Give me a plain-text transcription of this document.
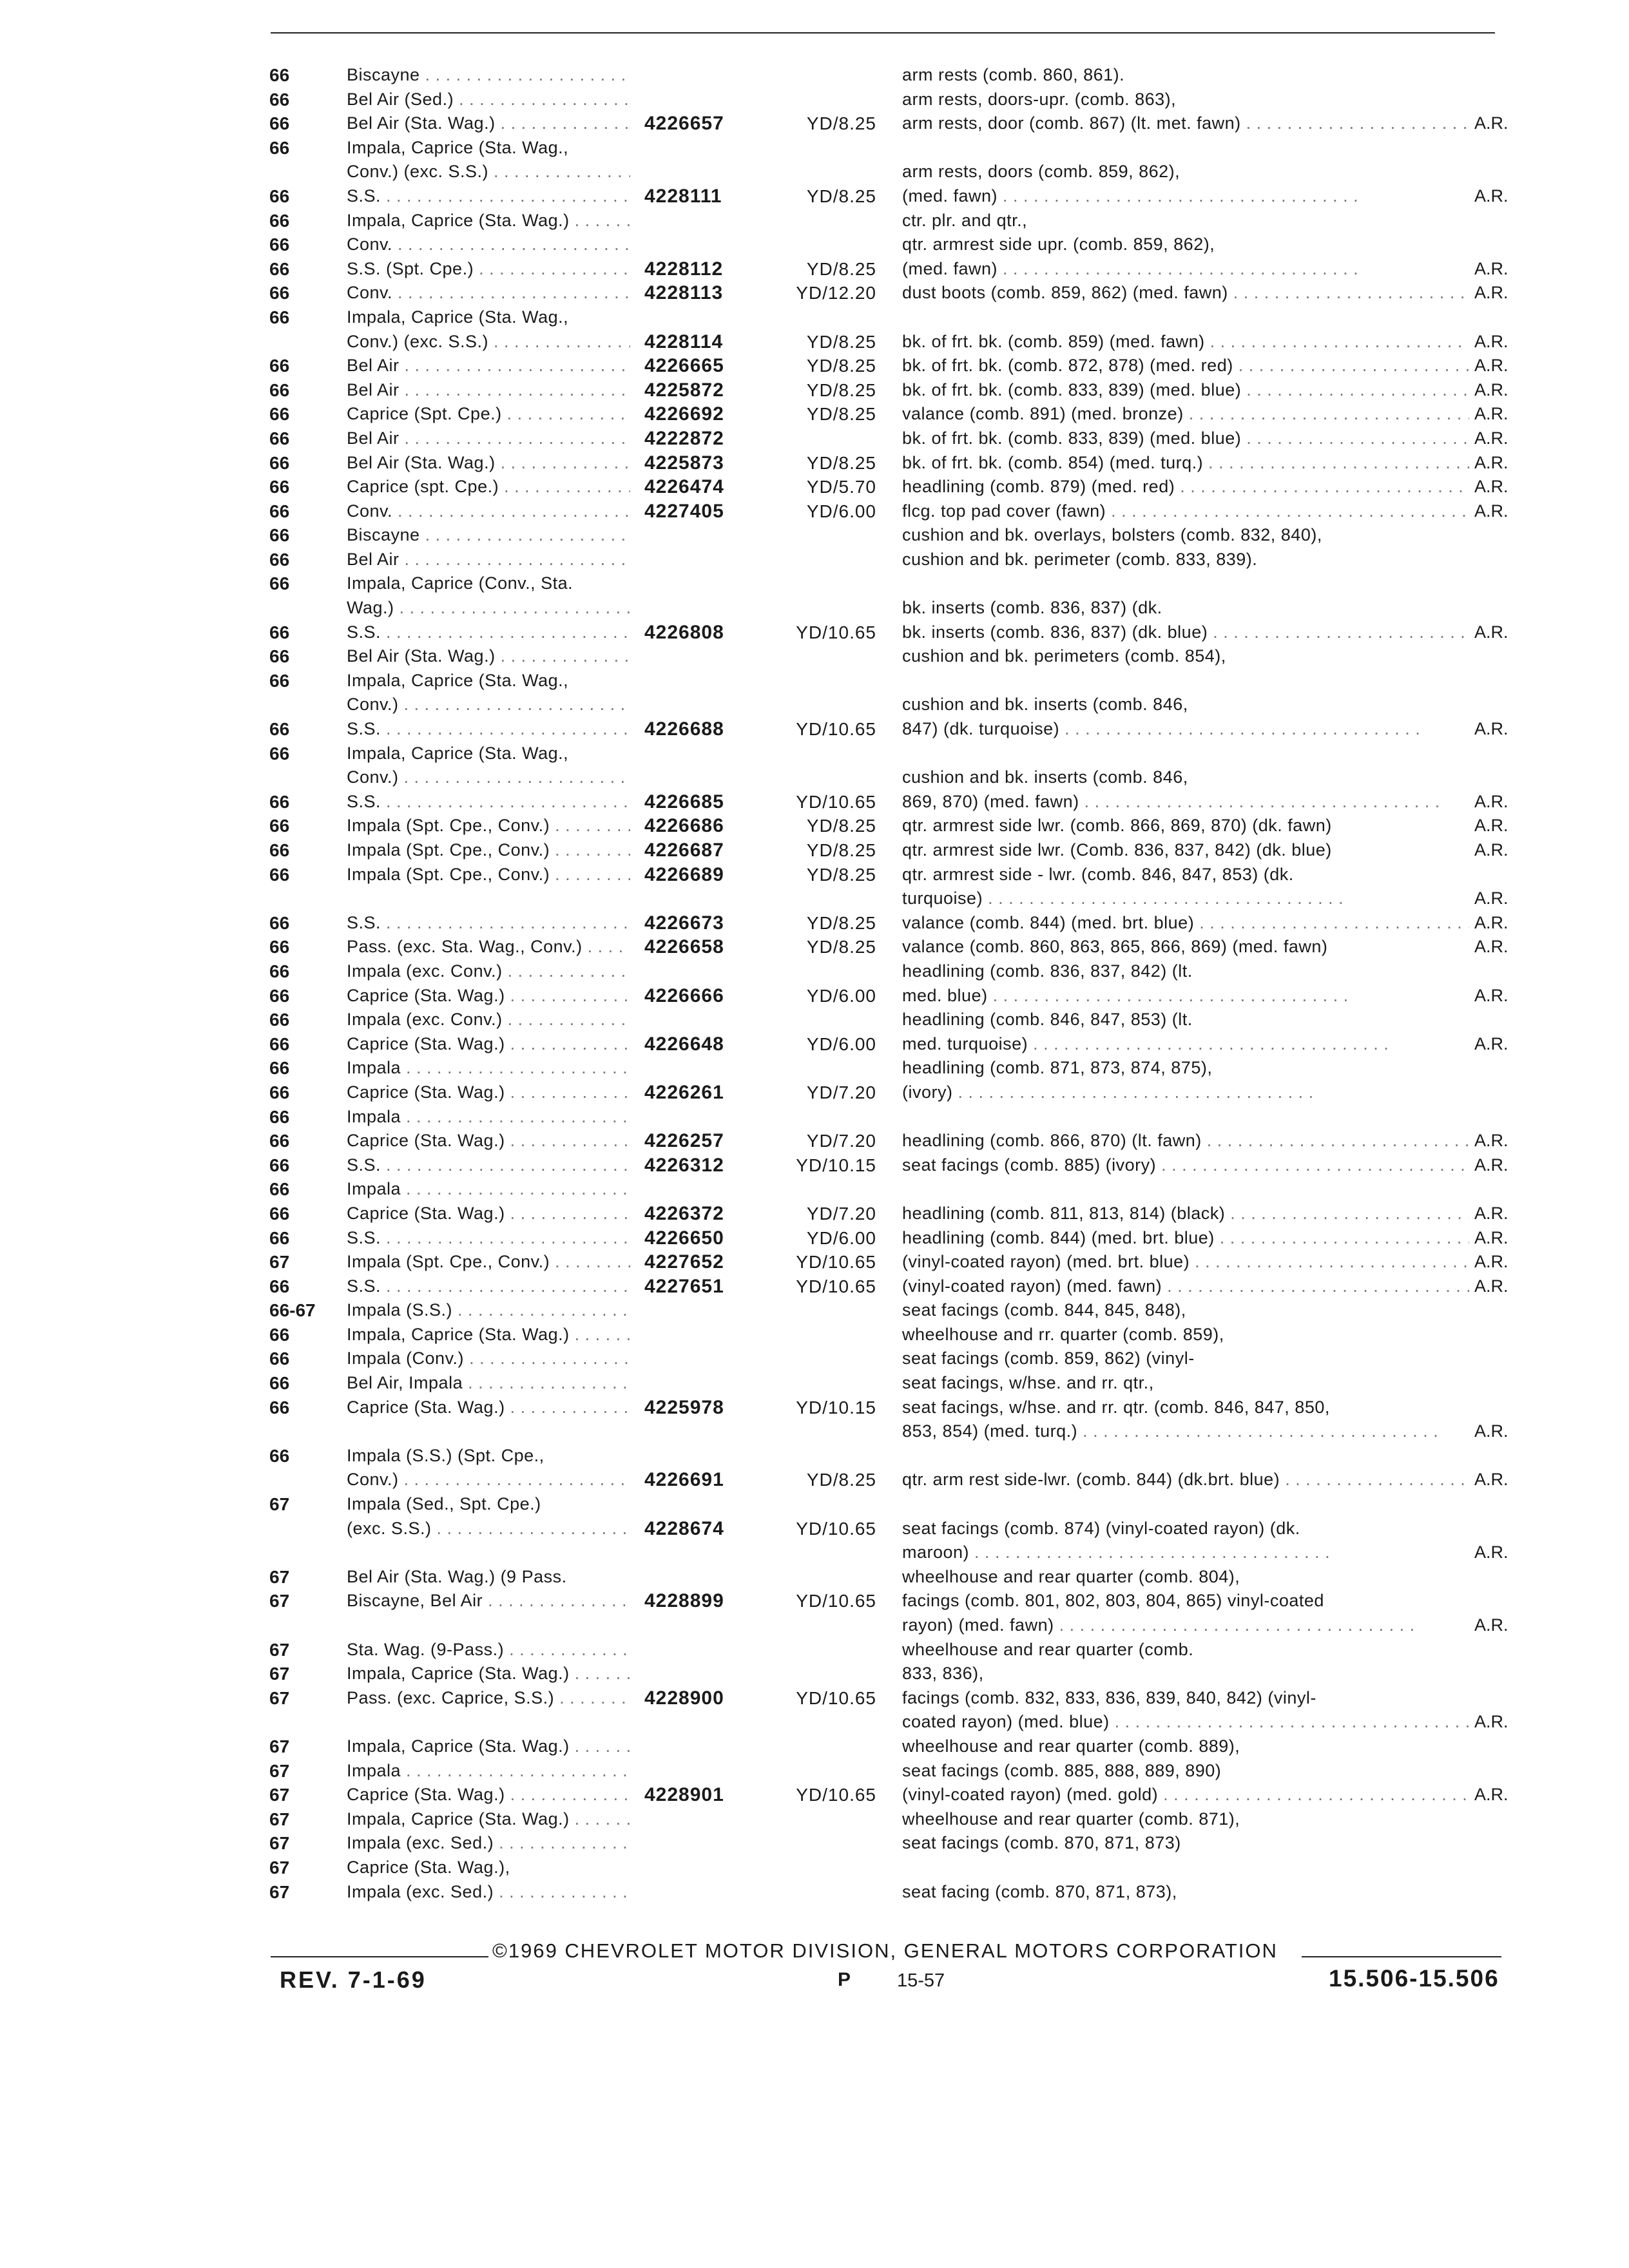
66	Biscayne . . .	arm rests (comb. 860, 861).
66	Bel Air (Sed.) . . .	arm rests, doors-upr. (comb. 863),
66	Bel Air (Sta. Wag.) . . .	4226657	YD/8.25 arm rests, door (comb. 867) (lt. met. fawn) . . .	A.R.
66	Impala, Caprice (Sta. Wag.,
Conv.) (exc. S.S.) . . .	arm rests, doors (comb. 859, 862),
66	S.S. . . .	4228111	YD/8.25 (med. fawn) . . .	A.R.
66	Impala, Caprice (Sta. Wag.) . . .	ctr. plr. and qtr.,
66	Conv. . . .	qtr. armrest side upr. (comb. 859, 862),
66	S.S. (Spt. Cpe.) . . .	4228112	YD/8.25 (med. fawn) . . .	A.R.
66	Conv. . . .	4228113	YD/12.20 dust boots (comb. 859, 862) (med. fawn) . . .	A.R.
66	Impala, Caprice (Sta. Wag.,
Conv.) (exc. S.S.) . . .	4228114	YD/8.25 bk. of frt. bk. (comb. 859) (med. fawn) . . .	A.R.
66	Bel Air . . .	4226665	YD/8.25 bk. of frt. bk. (comb. 872, 878) (med. red) . . .	A.R.
66	Bel Air . . .	4225872	YD/8.25 bk. of frt. bk. (comb. 833, 839) (med. blue) . . .	A.R.
66	Caprice (Spt. Cpe.) . . .	4226692	YD/8.25 valance (comb. 891) (med. bronze) . . .	A.R.
66	Bel Air . . .	4222872	bk. of frt. bk. (comb. 833, 839) (med. blue) . . .	A.R.
66	Bel Air (Sta. Wag.) . . .	4225873	YD/8.25 bk. of frt. bk. (comb. 854) (med. turq.) . . .	A.R.
66	Caprice (spt. Cpe.) . . .	4226474	YD/5.70 headlining (comb. 879) (med. red) . . .	A.R.
66	Conv. . . .	4227405	YD/6.00 flcg. top pad cover (fawn) . . .	A.R.
66	Biscayne . . .	cushion and bk. overlays, bolsters (comb. 832, 840),
66	Bel Air . . .	cushion and bk. perimeter (comb. 833, 839).
66	Impala, Caprice (Conv., Sta.
Wag.) . . .	bk. inserts (comb. 836, 837) (dk.
66	S.S. . . .	4226808	YD/10.65 bk. inserts (comb. 836, 837) (dk. blue) . . .	A.R.
66	Bel Air (Sta. Wag.) . . .	cushion and bk. perimeters (comb. 854),
66	Impala, Caprice (Sta. Wag.,
Conv.) . . .	cushion and bk. inserts (comb. 846,
66	S.S. . . .	4226688	YD/10.65 847) (dk. turquoise) . . .	A.R.
66	Impala, Caprice (Sta. Wag.,
Conv.) . . .	cushion and bk. inserts (comb. 846,
66	S.S. . . .	4226685	YD/10.65 869, 870) (med. fawn) . . .	A.R.
66	Impala (Spt. Cpe., Conv.) . . .	4226686	YD/8.25 qtr. armrest side lwr. (comb. 866, 869, 870) (dk. fawn)	A.R.
66	Impala (Spt. Cpe., Conv.) . . .	4226687	YD/8.25 qtr. armrest side lwr. (Comb. 836, 837, 842) (dk. blue)	A.R.
66	Impala (Spt. Cpe., Conv.) . . .	4226689	YD/8.25 qtr. armrest side - lwr. (comb. 846, 847, 853) (dk.
turquoise) . . .	A.R.
66	S.S. . . .	4226673	YD/8.25 valance (comb. 844) (med. brt. blue) . . .	A.R.
66	Pass. (exc. Sta. Wag., Conv.) . . .	4226658	YD/8.25 valance (comb. 860, 863, 865, 866, 869) (med. fawn)	A.R.
66	Impala (exc. Conv.) . . .	headlining (comb. 836, 837, 842) (lt.
66	Caprice (Sta. Wag.) . . .	4226666	YD/6.00 med. blue) . . .	A.R.
66	Impala (exc. Conv.) . . .	headlining (comb. 846, 847, 853) (lt.
66	Caprice (Sta. Wag.) . . .	4226648	YD/6.00 med. turquoise) . . .	A.R.
66	Impala . . .	headlining (comb. 871, 873, 874, 875),
66	Caprice (Sta. Wag.) . . .	4226261	YD/7.20 (ivory) . . .
66	Impala . . .
66	Caprice (Sta. Wag.) . . .	4226257	YD/7.20 headlining (comb. 866, 870) (lt. fawn) . . .	A.R.
66	S.S. . . .	4226312	YD/10.15 seat facings (comb. 885) (ivory) . . .	A.R.
66	Impala . . .
66	Caprice (Sta. Wag.) . . .	4226372	YD/7.20 headlining (comb. 811, 813, 814) (black) . . .	A.R.
66	S.S. . . .	4226650	YD/6.00 headlining (comb. 844) (med. brt. blue) . . .	A.R.
67	Impala (Spt. Cpe., Conv.) . . .	4227652	YD/10.65 (vinyl-coated rayon) (med. brt. blue) . . .	A.R.
66	S.S. . . .	4227651	YD/10.65 (vinyl-coated rayon) (med. fawn) . . .	A.R.
66-67	Impala (S.S.) . . .	seat facings (comb. 844, 845, 848),
66	Impala, Caprice (Sta. Wag.) . . .	wheelhouse and rr. quarter (comb. 859),
66	Impala (Conv.) . . .	seat facings (comb. 859, 862) (vinyl-
66	Bel Air, Impala . . .	seat facings, w/hse. and rr. qtr.,
66	Caprice (Sta. Wag.) . . .	4225978	YD/10.15 seat facings, w/hse. and rr. qtr. (comb. 846, 847, 850,
853, 854) (med. turq.) . . .	A.R.
66	Impala (S.S.) (Spt. Cpe.,
Conv.) . . .	4226691	YD/8.25 qtr. arm rest side-lwr. (comb. 844) (dk.brt. blue) . . .	A.R.
67	Impala (Sed., Spt. Cpe.)
(exc. S.S.) . . .	4228674	YD/10.65 seat facings (comb. 874) (vinyl-coated rayon) (dk.
maroon) . . .	A.R.
67	Bel Air (Sta. Wag.) (9 Pass.	wheelhouse and rear quarter (comb. 804),
67	Biscayne, Bel Air . . .	4228899	YD/10.65 facings (comb. 801, 802, 803, 804, 865) vinyl-coated
rayon) (med. fawn) . . .	A.R.
67	Sta. Wag. (9-Pass.) . . .	wheelhouse and rear quarter (comb.
67	Impala, Caprice (Sta. Wag.) . . .	833, 836),
67	Pass. (exc. Caprice, S.S.) . . .	4228900	YD/10.65 facings (comb. 832, 833, 836, 839, 840, 842) (vinyl-
coated rayon) (med. blue) . . .	A.R.
67	Impala, Caprice (Sta. Wag.) . . .	wheelhouse and rear quarter (comb. 889),
67	Impala . . .	seat facings (comb. 885, 888, 889, 890)
67	Caprice (Sta. Wag.) . . .	4228901	YD/10.65 (vinyl-coated rayon) (med. gold) . . .	A.R.
67	Impala, Caprice (Sta. Wag.) . . .	wheelhouse and rear quarter (comb. 871),
67	Impala (exc. Sed.) . . .	seat facings (comb. 870, 871, 873)
67	Caprice (Sta. Wag.),
67	Impala (exc. Sed.) . . .	seat facing (comb. 870, 871, 873),
©1969 CHEVROLET MOTOR DIVISION, GENERAL MOTORS CORPORATION
REV. 7-1-69	P 15-57	15.506-15.506
